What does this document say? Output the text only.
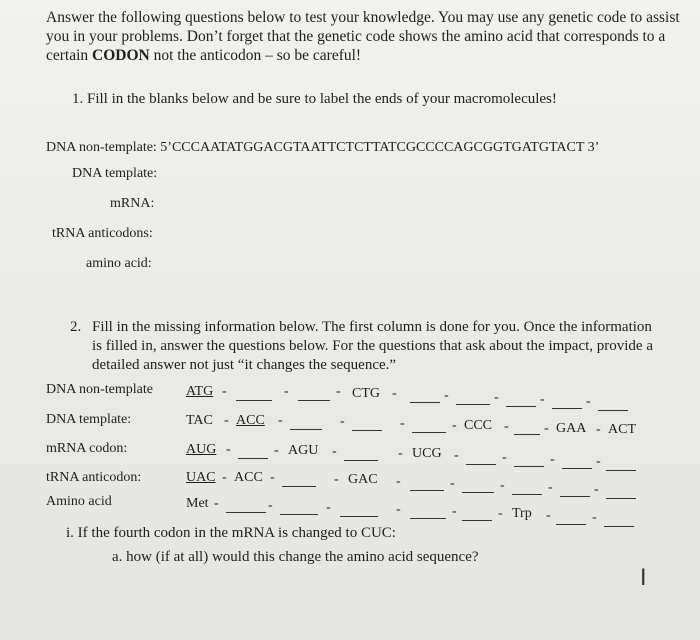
Answer the following questions below to test your knowledge. You may use any genetic code to assist you in your problems. Don’t forget that the genetic code shows the amino acid that corresponds to a certain CODON not the anticodon – so be careful!
1. Fill in the blanks below and be sure to label the ends of your macromolecules!
DNA non-template: 5’CCCAATATGGACGTAATTCTCTTATCGCCCCAGCGGTGATGTACT 3’
DNA template:
mRNA:
tRNA anticodons:
amino acid:
2. Fill in the missing information below. The first column is done for you. Once the information is filled in, answer the questions below. For the questions that ask about the impact, provide a detailed answer not just “it changes the sequence.”
DNA non-template
DNA template:
mRNA codon:
tRNA anticodon:
Amino acid
ATG -	-	- CTG -	-	-	-	-
TAC - ACC -	-	-	- CCC -	- GAA - ACT
AUG -	- AGU -	- UCG -	-	-	-
UAC - ACC -	- GAC -	-	-	-	-
Met -	-	-	-	-	- Trp -	-
i. If the fourth codon in the mRNA is changed to CUC:
a. how (if at all) would this change the amino acid sequence?
I
